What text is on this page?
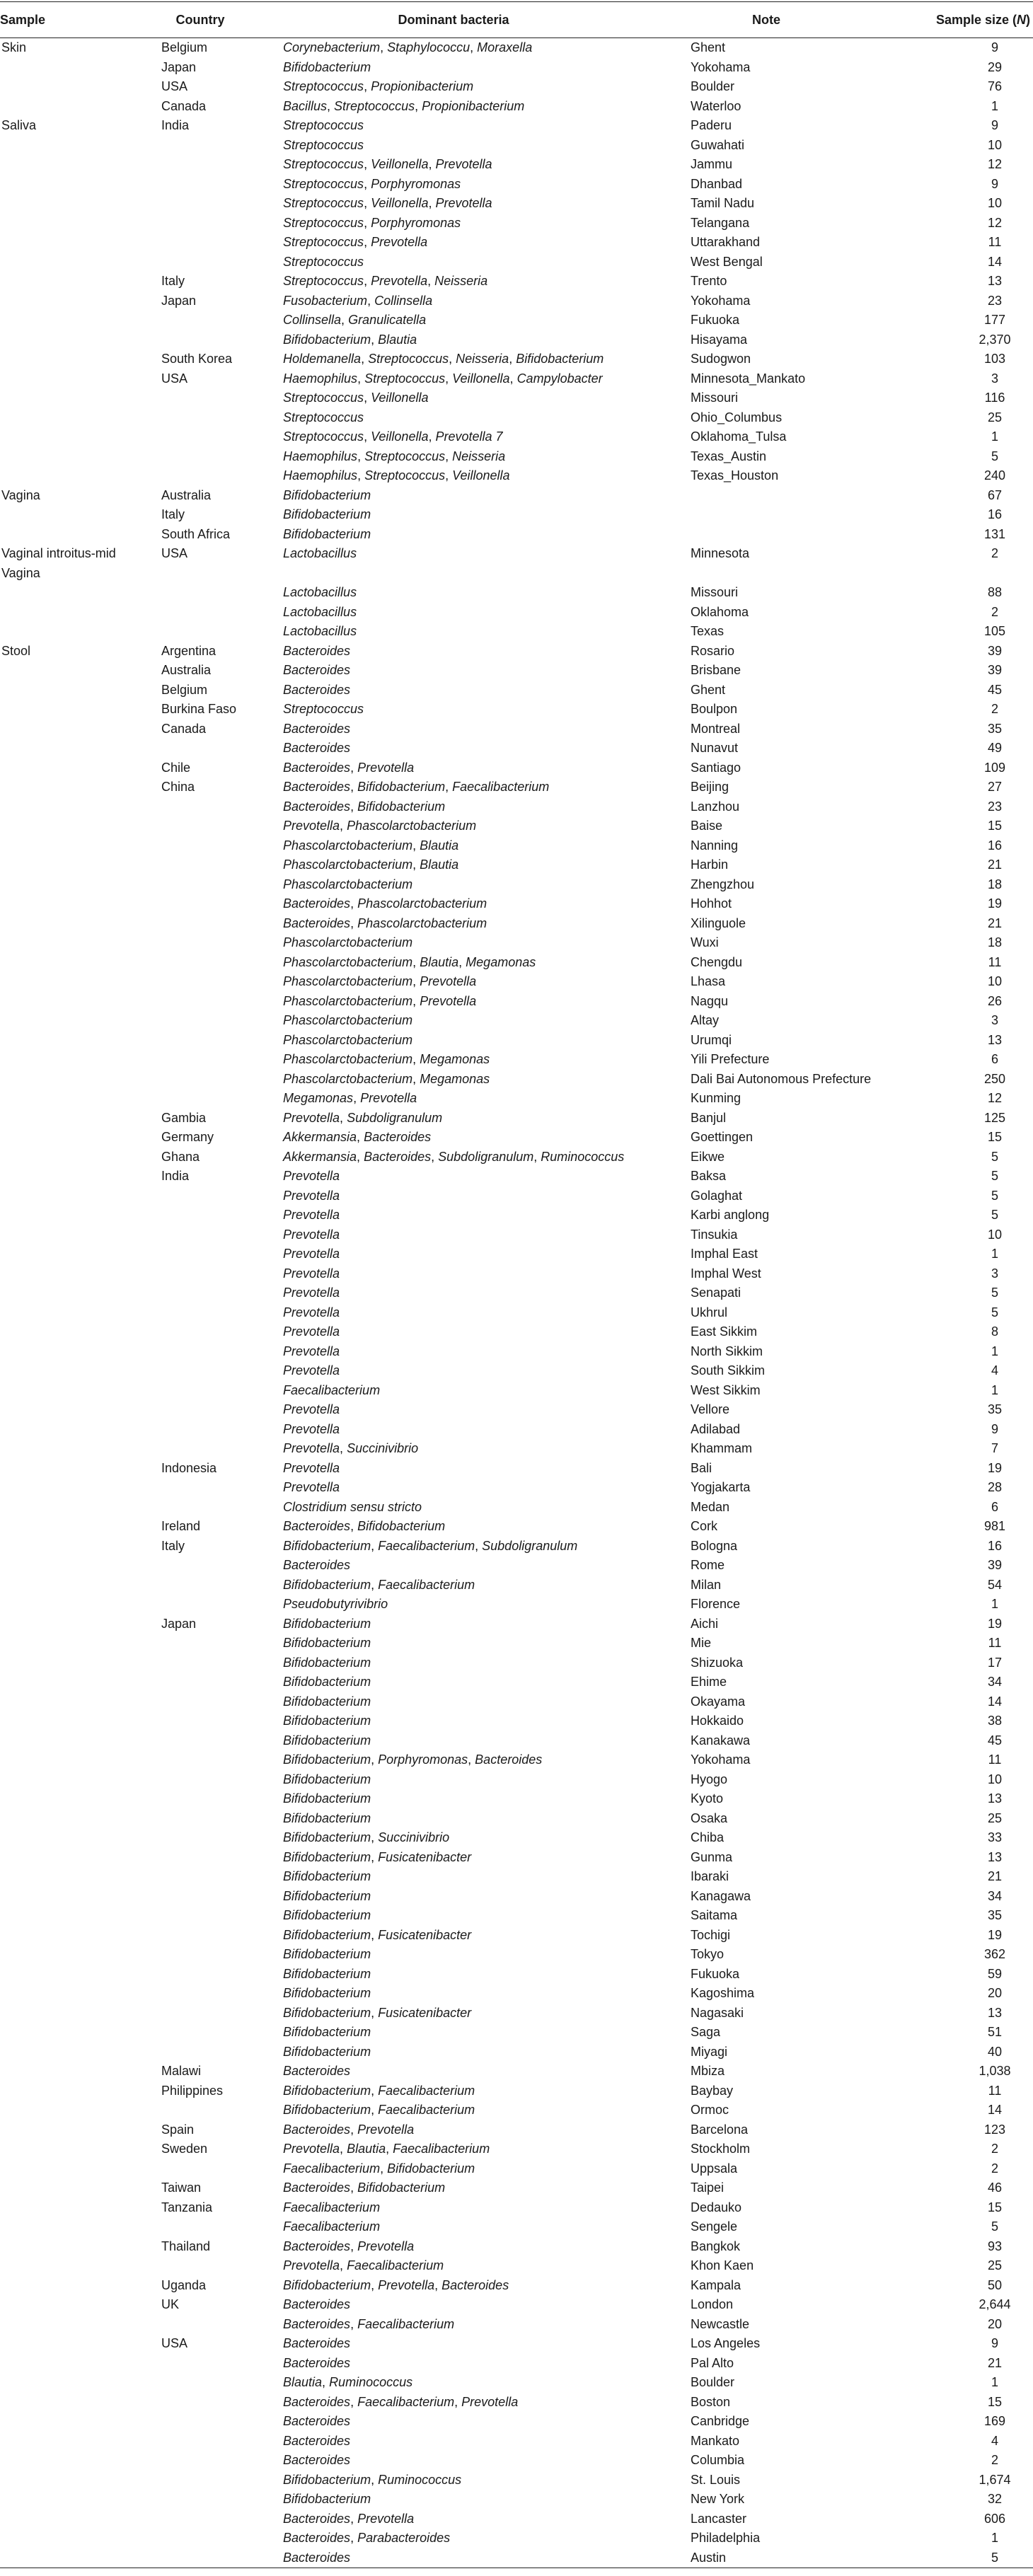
Sample	Country	Dominant bacteria	Note	Sample size (N)
Skin	Belgium	Corynebacterium, Staphylococcu, Moraxella	Ghent	9
	Japan	Bifidobacterium	Yokohama	29
	USA	Streptococcus, Propionibacterium	Boulder	76
	Canada	Bacillus, Streptococcus, Propionibacterium	Waterloo	1
Saliva	India	Streptococcus	Paderu	9
		Streptococcus	Guwahati	10
		Streptococcus, Veillonella, Prevotella	Jammu	12
		Streptococcus, Porphyromonas	Dhanbad	9
		Streptococcus, Veillonella, Prevotella	Tamil Nadu	10
		Streptococcus, Porphyromonas	Telangana	12
		Streptococcus, Prevotella	Uttarakhand	11
		Streptococcus	West Bengal	14
	Italy	Streptococcus, Prevotella, Neisseria	Trento	13
	Japan	Fusobacterium, Collinsella	Yokohama	23
		Collinsella, Granulicatella	Fukuoka	177
		Bifidobacterium, Blautia	Hisayama	2,370
	South Korea	Holdemanella, Streptococcus, Neisseria, Bifidobacterium	Sudogwon	103
	USA	Haemophilus, Streptococcus, Veillonella, Campylobacter	Minnesota_Mankato	3
		Streptococcus, Veillonella	Missouri	116
		Streptococcus	Ohio_Columbus	25
		Streptococcus, Veillonella, Prevotella 7	Oklahoma_Tulsa	1
		Haemophilus, Streptococcus, Neisseria	Texas_Austin	5
		Haemophilus, Streptococcus, Veillonella	Texas_Houston	240
Vagina	Australia	Bifidobacterium		67
	Italy	Bifidobacterium		16
	South Africa	Bifidobacterium		131

Vaginal introitus-mid Vagina	USA	Lactobacillus	Minnesota	2
		Lactobacillus	Missouri	88
		Lactobacillus	Oklahoma	2
		Lactobacillus	Texas	105
Stool	Argentina	Bacteroides	Rosario	39
	Australia	Bacteroides	Brisbane	39
	Belgium	Bacteroides	Ghent	45
	Burkina Faso	Streptococcus	Boulpon	2
	Canada	Bacteroides	Montreal	35
		Bacteroides	Nunavut	49
	Chile	Bacteroides, Prevotella	Santiago	109
	China	Bacteroides, Bifidobacterium, Faecalibacterium	Beijing	27
		Bacteroides, Bifidobacterium	Lanzhou	23
		Prevotella, Phascolarctobacterium	Baise	15
		Phascolarctobacterium, Blautia	Nanning	16
		Phascolarctobacterium, Blautia	Harbin	21
		Phascolarctobacterium	Zhengzhou	18
		Bacteroides, Phascolarctobacterium	Hohhot	19
		Bacteroides, Phascolarctobacterium	Xilinguole	21
		Phascolarctobacterium	Wuxi	18
		Phascolarctobacterium, Blautia, Megamonas	Chengdu	11
		Phascolarctobacterium, Prevotella	Lhasa	10
		Phascolarctobacterium, Prevotella	Nagqu	26
		Phascolarctobacterium	Altay	3
		Phascolarctobacterium	Urumqi	13
		Phascolarctobacterium, Megamonas	Yili Prefecture	6
		Phascolarctobacterium, Megamonas	Dali Bai Autonomous Prefecture	250
		Megamonas, Prevotella	Kunming	12
	Gambia	Prevotella, Subdoligranulum	Banjul	125
	Germany	Akkermansia, Bacteroides	Goettingen	15
	Ghana	Akkermansia, Bacteroides, Subdoligranulum, Ruminococcus	Eikwe	5
	India	Prevotella	Baksa	5
		Prevotella	Golaghat	5
		Prevotella	Karbi anglong	5
		Prevotella	Tinsukia	10
		Prevotella	Imphal East	1
		Prevotella	Imphal West	3
		Prevotella	Senapati	5
		Prevotella	Ukhrul	5
		Prevotella	East Sikkim	8
		Prevotella	North Sikkim	1
		Prevotella	South Sikkim	4
		Faecalibacterium	West Sikkim	1
		Prevotella	Vellore	35
		Prevotella	Adilabad	9
		Prevotella, Succinivibrio	Khammam	7
	Indonesia	Prevotella	Bali	19
		Prevotella	Yogjakarta	28
		Clostridium sensu stricto	Medan	6
	Ireland	Bacteroides, Bifidobacterium	Cork	981
	Italy	Bifidobacterium, Faecalibacterium, Subdoligranulum	Bologna	16
		Bacteroides	Rome	39
		Bifidobacterium, Faecalibacterium	Milan	54
		Pseudobutyrivibrio	Florence	1
	Japan	Bifidobacterium	Aichi	19
		Bifidobacterium	Mie	11
		Bifidobacterium	Shizuoka	17
		Bifidobacterium	Ehime	34
		Bifidobacterium	Okayama	14
		Bifidobacterium	Hokkaido	38
		Bifidobacterium	Kanakawa	45
		Bifidobacterium, Porphyromonas, Bacteroides	Yokohama	11
		Bifidobacterium	Hyogo	10
		Bifidobacterium	Kyoto	13
		Bifidobacterium	Osaka	25
		Bifidobacterium, Succinivibrio	Chiba	33
		Bifidobacterium, Fusicatenibacter	Gunma	13
		Bifidobacterium	Ibaraki	21
		Bifidobacterium	Kanagawa	34
		Bifidobacterium	Saitama	35
		Bifidobacterium, Fusicatenibacter	Tochigi	19
		Bifidobacterium	Tokyo	362
		Bifidobacterium	Fukuoka	59
		Bifidobacterium	Kagoshima	20
		Bifidobacterium, Fusicatenibacter	Nagasaki	13
		Bifidobacterium	Saga	51
		Bifidobacterium	Miyagi	40
	Malawi	Bacteroides	Mbiza	1,038
	Philippines	Bifidobacterium, Faecalibacterium	Baybay	11
		Bifidobacterium, Faecalibacterium	Ormoc	14
	Spain	Bacteroides, Prevotella	Barcelona	123
	Sweden	Prevotella, Blautia, Faecalibacterium	Stockholm	2
		Faecalibacterium, Bifidobacterium	Uppsala	2
	Taiwan	Bacteroides, Bifidobacterium	Taipei	46
	Tanzania	Faecalibacterium	Dedauko	15
		Faecalibacterium	Sengele	5
	Thailand	Bacteroides, Prevotella	Bangkok	93
		Prevotella, Faecalibacterium	Khon Kaen	25
	Uganda	Bifidobacterium, Prevotella, Bacteroides	Kampala	50
	UK	Bacteroides	London	2,644
		Bacteroides, Faecalibacterium	Newcastle	20
	USA	Bacteroides	Los Angeles	9
		Bacteroides	Pal Alto	21
		Blautia, Ruminococcus	Boulder	1
		Bacteroides, Faecalibacterium, Prevotella	Boston	15
		Bacteroides	Canbridge	169
		Bacteroides	Mankato	4
		Bacteroides	Columbia	2
		Bifidobacterium, Ruminococcus	St. Louis	1,674
		Bifidobacterium	New York	32
		Bacteroides, Prevotella	Lancaster	606
		Bacteroides, Parabacteroides	Philadelphia	1
		Bacteroides	Austin	5
